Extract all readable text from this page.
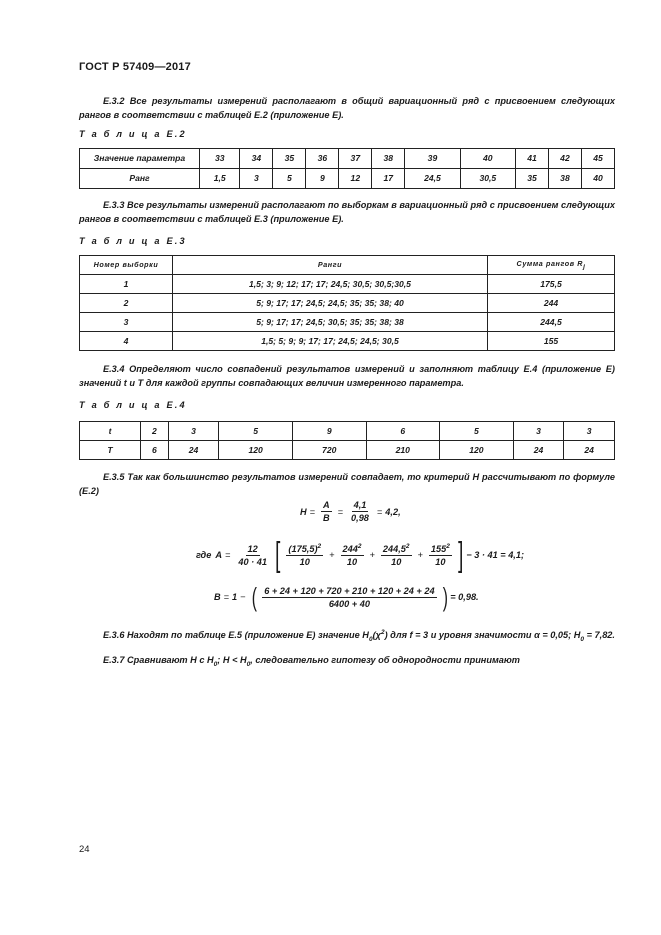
ГОСТ Р 57409—2017
Е.3.2 Все результаты измерений располагают в общий вариационный ряд с присвоением следующих рангов в соответствии с таблицей Е.2 (приложение Е).
Т а б л и ц а Е.2
Значение параметра	33	34	35	36	37	38	39	40	41	42	45
Ранг	1,5	3	5	9	12	17	24,5	30,5	35	38	40
Е.3.3 Все результаты измерений располагают по выборкам в вариационный ряд с присвоением следующих рангов в соответствии с таблицей Е.3 (приложение Е).
Т а б л и ц а Е.3
Номер выборки	Ранги	Сумма рангов Rj
1	1,5; 3; 9; 12; 17; 17; 24,5; 30,5; 30,5;30,5	175,5
2	5; 9; 17; 17; 24,5; 24,5; 35; 35; 38; 40	244
3	5; 9; 17; 17; 24,5; 30,5; 35; 35; 38; 38	244,5
4	1,5; 5; 9; 9; 17; 17; 24,5; 24,5; 30,5	155
Е.3.4 Определяют число совпадений результатов измерений и заполняют таблицу Е.4 (приложение Е) значений t и T для каждой группы совпадающих величин измеренного параметра.
Т а б л и ц а Е.4
t	2	3	5	9	6	5	3	3
T	6	24	120	720	210	120	24	24
Е.3.5 Так как большинство результатов измерений совпадает, то критерий Н рассчитывают по формуле (Е.2)
$H = \frac{A}{B} = \frac{4,1}{0,98} = 4,2$,
где $A = \frac{12}{40 \cdot 41}$ [ $\frac{(175,5)^2}{10} + \frac{244^2}{10} + \frac{244,5^2}{10} + \frac{155^2}{10}$ ] − 3 · 41 = 4,1;
B = 1 − ( $\frac{6 + 24 + 120 + 720 + 210 + 120 + 24 + 24}{6400 + 40}$ ) = 0,98.
Е.3.6 Находят по таблице Е.5 (приложение Е) значение $H_0(\chi^2)$ для f = 3 и уровня значимости α = 0,05; $H_0 = 7,82$.
Е.3.7 Сравнивают Н с $Н_0$; $Н < Н_0$, следовательно гипотезу об однородности принимают
24
